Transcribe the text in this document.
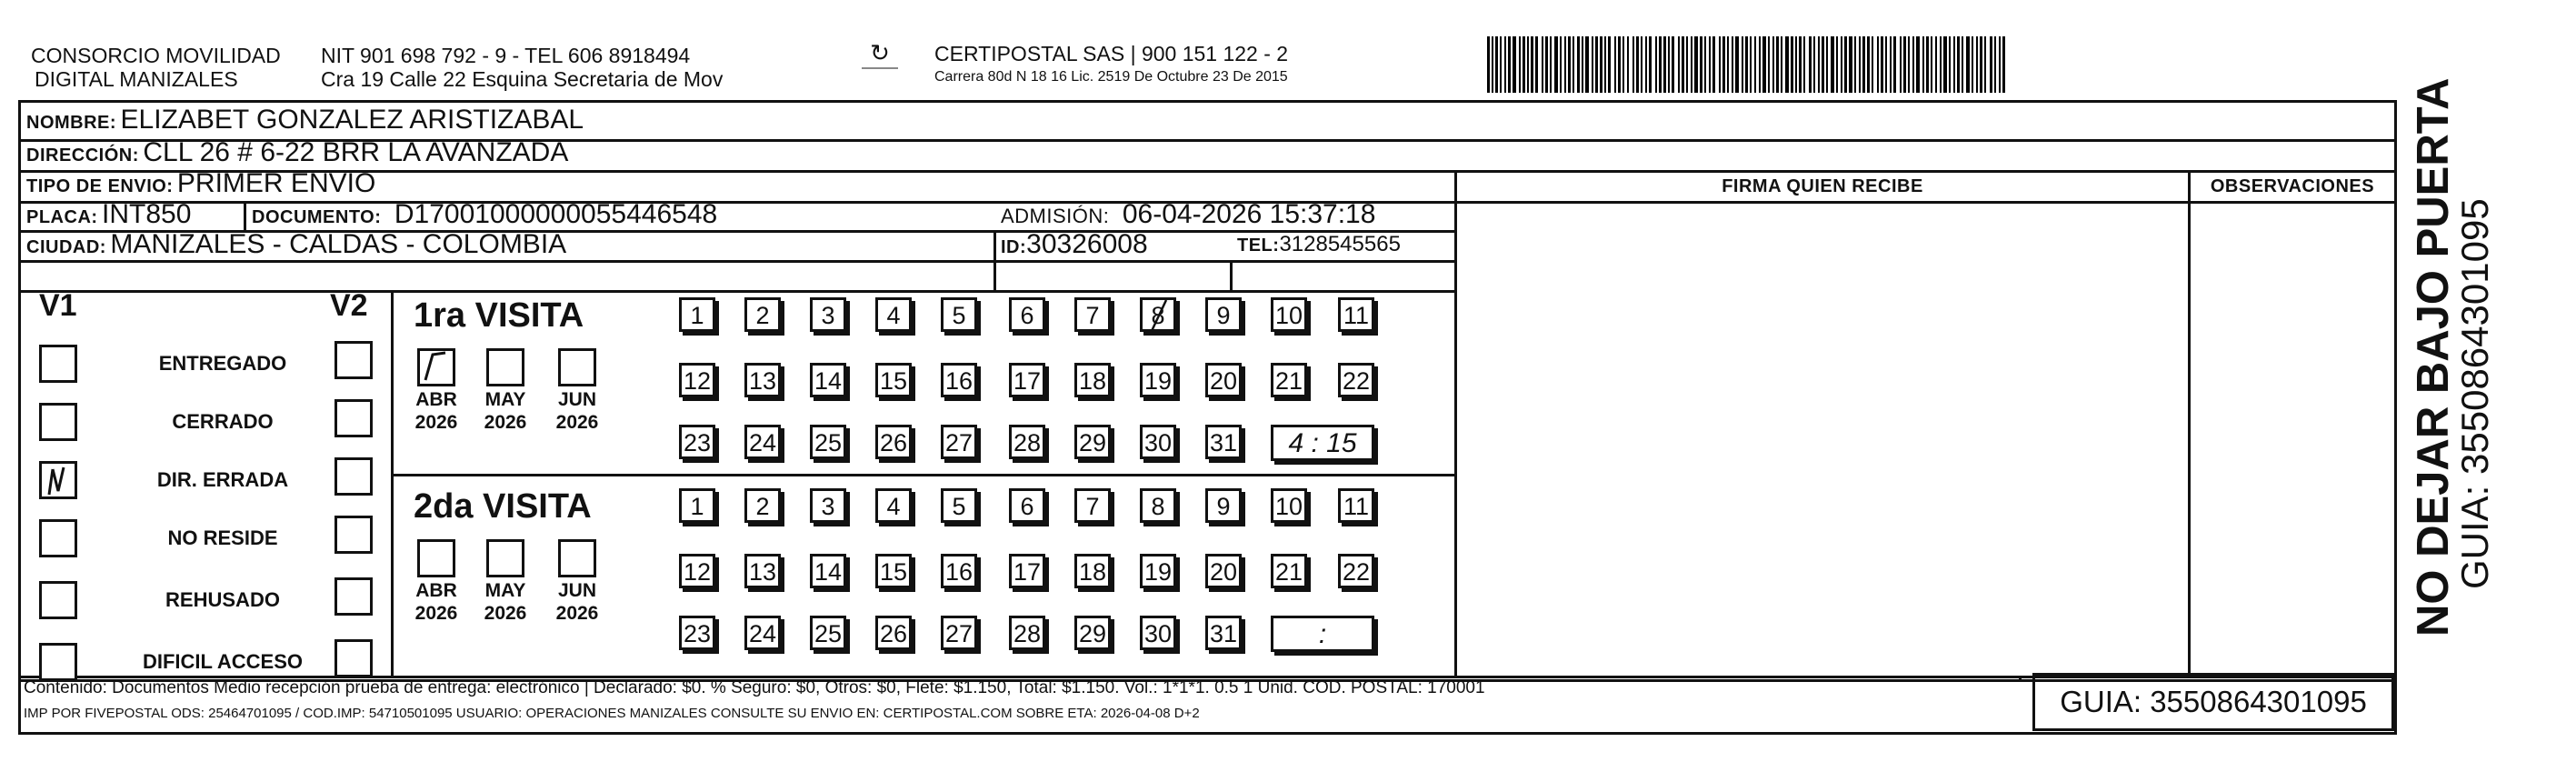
CONSORCIO MOVILIDAD
DIGITAL MANIZALES
NIT 901 698 792 - 9 - TEL 606 8918494
Cra 19 Calle 22 Esquina Secretaria de Mov
↻	CERTIPOSTAL SAS | 900 151 122 - 2
Carrera 80d N 18 16 Lic. 2519 De Octubre 23 De 2015
NOMBRE: ELIZABET GONZALEZ ARISTIZABAL
DIRECCIÓN: CLL 26 # 6-22 BRR LA AVANZADA
TIPO DE ENVIO: PRIMER ENVIO	FIRMA QUIEN RECIBE	OBSERVACIONES
PLACA: INT850	DOCUMENTO: D17001000000055446548	ADMISIÓN: 06-04-2026 15:37:18
CIUDAD: MANIZALES - CALDAS - COLOMBIA	ID:30326008	TEL:3128545565
V1	V2
ENTREGADO
CERRADO
DIR. ERRADA
NO RESIDE
REHUSADO
DIFICIL ACCESO
1ra VISITA
ABR
2026
MAY
2026
JUN
2026
1	2	3	4	5	6	7	8	9	10 11
12 13 14 15 16 17 18 19 20 21 22
23 24 25 26 27 28 29 30 31	4 : 15
2da VISITA
ABR
2026
MAY
2026
JUN
2026
1	2	3	4	5	6	7	8	9	10 11
12 13 14 15 16 17 18 19 20 21 22
23 24 25 26 27 28 29 30 31	:
Contenido: Documentos Medio recepción prueba de entrega: electrónico | Declarado: $0. % Seguro: $0, Otros: $0, Flete: $1.150, Total: $1.150. Vol.: 1*1*1. 0.5 1 Unid. COD. POSTAL: 170001
IMP POR FIVEPOSTAL ODS: 25464701095 / COD.IMP: 54710501095 USUARIO: OPERACIONES MANIZALES CONSULTE SU ENVIO EN: CERTIPOSTAL.COM SOBRE ETA: 2026-04-08 D+2	GUIA: 3550864301095
NO DEJAR BAJO PUERTA
GUIA: 3550864301095
